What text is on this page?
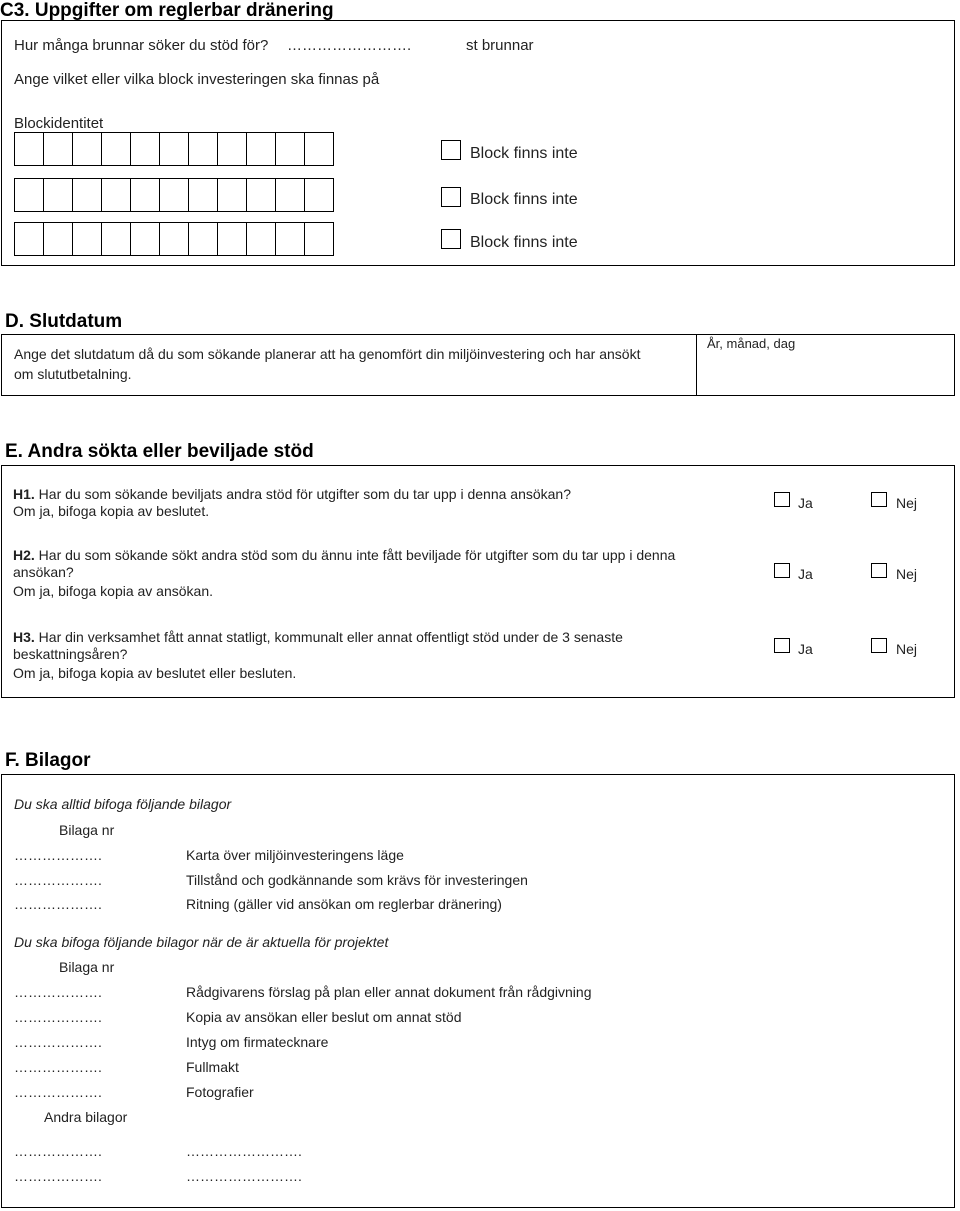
C3. Uppgifter om reglerbar dränering
Hur många brunnar söker du stöd för? …………………….	st brunnar
Ange vilket eller vilka block investeringen ska finnas på
Blockidentitet
Block finns inte
Block finns inte
Block finns inte
D. Slutdatum
Ange det slutdatum då du som sökande planerar att ha genomfört din miljöinvestering och har ansökt
om slututbetalning.
År, månad, dag
E. Andra sökta eller beviljade stöd
H1. Har du som sökande beviljats andra stöd för utgifter som du tar upp i denna ansökan?
Om ja, bifoga kopia av beslutet.	Ja	Nej
H2. Har du som sökande sökt andra stöd som du ännu inte fått beviljade för utgifter som du tar upp i denna
ansökan?
Om ja, bifoga kopia av ansökan.
Ja	Nej
H3. Har din verksamhet fått annat statligt, kommunalt eller annat offentligt stöd under de 3 senaste
beskattningsåren?
Om ja, bifoga kopia av beslutet eller besluten.
Ja	Nej
F. Bilagor
Du ska alltid bifoga följande bilagor
Bilaga nr
……………….	Karta över miljöinvesteringens läge
……………….	Tillstånd och godkännande som krävs för investeringen
……………….	Ritning (gäller vid ansökan om reglerbar dränering)
Du ska bifoga följande bilagor när de är aktuella för projektet
Bilaga nr
……………….	Rådgivarens förslag på plan eller annat dokument från rådgivning
……………….	Kopia av ansökan eller beslut om annat stöd
……………….	Intyg om firmatecknare
……………….	Fullmakt
……………….	Fotografier
Andra bilagor
……………….	…………………….
……………….	…………………….
